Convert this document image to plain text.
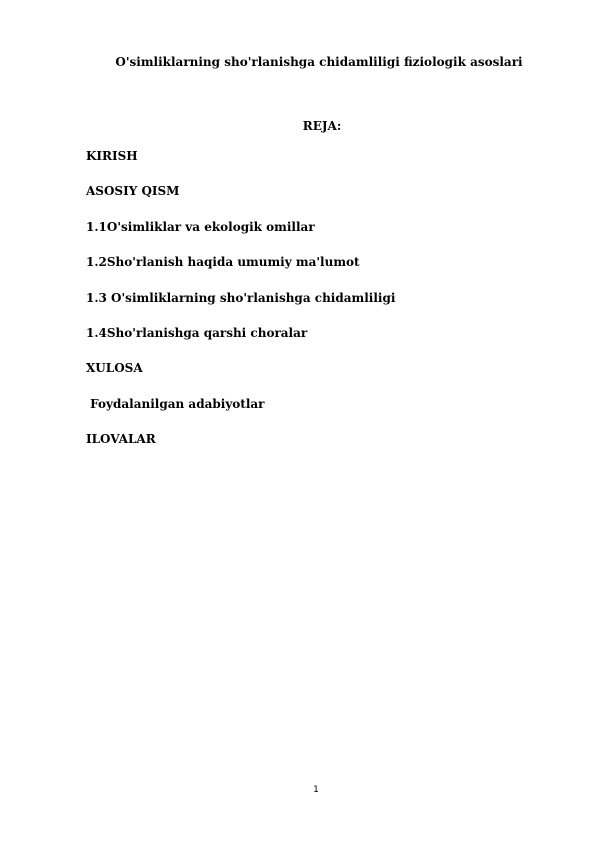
O'simliklarning sho'rlanishga chidamliligi fiziologik asoslari
REJA:
KIRISH
ASOSIY QISM
1.1O'simliklar va ekologik omillar
1.2Sho'rlanish haqida umumiy ma'lumot
1.3 O'simliklarning sho'rlanishga chidamliligi
1.4Sho'rlanishga qarshi choralar
XULOSA
Foydalanilgan adabiyotlar
ILOVALAR
1
